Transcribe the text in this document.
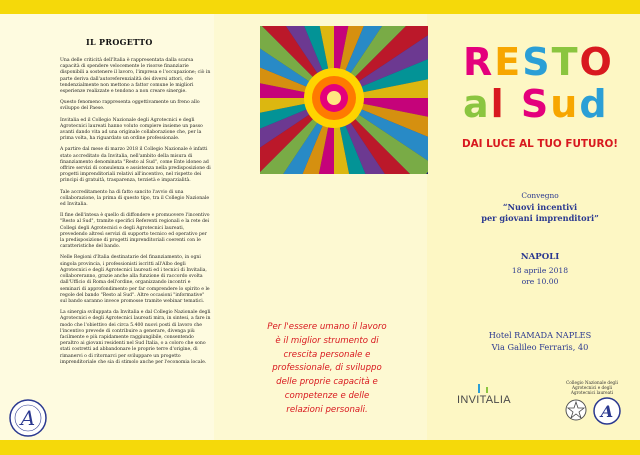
IL PROGETTO

Una delle criticità dell'Italia è rappresentata dalla scarsa capacità di spendere velocemente le risorse finanziarie disponibili a sostenere il lavoro, l'impresa e l'occupazione; ciò in parte deriva dall'autoreferenzialità dei diversi attori, che tendenzialmente non mettono a fattor comune le migliori esperienze realizzate e tendono a non creare sinergie.

Questo fenomeno rappresenta oggettivamente un freno allo sviluppo del Paese.

Invitalia ed il Collegio Nazionale degli Agrotecnici e degli Agrotecnici laureati hanno voluto compiere insieme un passo avanti dando vita ad una originale collaborazione che, per la prima volta, ha riguardato un ordine professionale.

A partire dal mese di marzo 2018 il Collegio Nazionale è infatti stato accreditato da Invitalia, nell'ambito della misura di finanziamento denominata "Resto al Sud", come Ente idoneo ad offrire servizi di consulenza e assistenza nella predisposizione di progetti imprenditoriali relativi all'incentivo, nel rispetto dei principi di gratuità, trasparenza, terzietà e imparzialità.

Tale accreditamento ha di fatto sancito l'avvio di una collaborazione, la prima di questo tipo, tra il Collegio Nazionale ed Invitalia.

Il fine dell'intesa è quello di diffondere e promuovere l'incentivo "Resto al Sud", tramite specifici Referenti regionali e la rete dei Collegi degli Agrotecnici e degli Agrotecnici laureati, prevedendo altresì servizi di supporto tecnico ed operativo per la predisposizione di progetti imprenditoriali coerenti con le caratteristiche del bando.

Nelle Regioni d'Italia destinatarie del finanziamento, in ogni singola provincia, i professionisti iscritti all'Albo degli Agrotecnici e degli Agrotecnici laureati ed i tecnici di Invitalia, collaboreranno, grazie anche alla funzione di raccordo svolta dall'Ufficio di Roma dell'ordine, organizzando incontri e seminari di approfondimento per far comprendere lo spirito e le regole del bando "Resto al Sud". Altre occasioni "informative" sul bando saranno invece promosse tramite webinar tematici.

La sinergia sviluppata da Invitalia e dal Collegio Nazionale degli Agrotecnici e degli Agrotecnici laureati mira, in sintesi, a fare in modo che l'obiettivo dei circa 5.400 nuovi posti di lavoro che l'incentivo prevede di contribuire a generare, divenga più facilmente e più rapidamente raggiungibile, consentendo peraltro ai giovani residenti nel Sud Italia, o a coloro che sono stati costretti ad abbandonare le proprie terre d'origine, di rimanervi o di ritornarci per sviluppare un progetto imprenditoriale che sia di stimolo anche per l'economia locale.

A
Per l'essere umano il lavoro è il miglior strumento di crescita personale e professionale, di sviluppo delle proprie capacità e competenze e delle relazioni personali.
R E S T O
a l
S u d
DAI LUCE AL TUO FUTURO!
Convegno
“Nuovi incentivi
per giovani imprenditori”
NAPOLI
18 aprile 2018
ore 10.00
Hotel RAMADA NAPLES
Via Galileo Ferraris, 40
INVITALIA
Collegio Nazionale degli Agrotecnici e degli Agrotecnici laureati
A
